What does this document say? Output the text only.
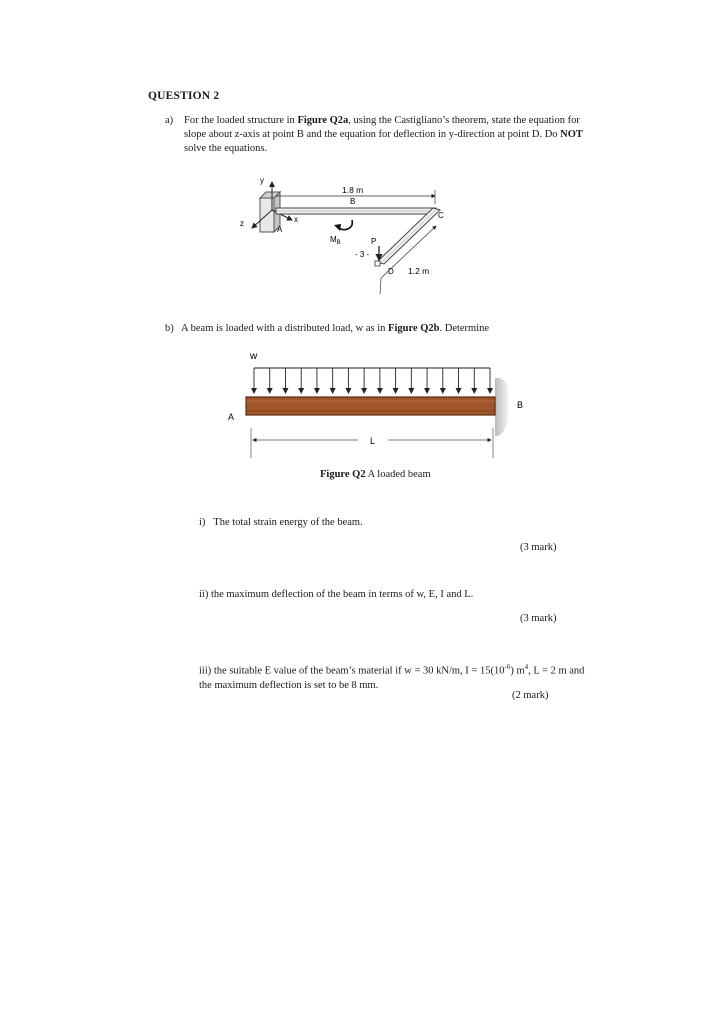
QUESTION 2
a) For the loaded structure in Figure Q2a, using the Castigliano’s theorem, state the equation for slope about z-axis at point B and the equation for deflection in y-direction at point D. Do NOT solve the equations.
y
x
z
1.8 m
B
A
C
D
$M_B$	P
- 3 -
1.2 m
b) A beam is loaded with a distributed load, w as in Figure Q2b. Determine
w
A
B
L
Figure Q2 A loaded beam
i) The total strain energy of the beam.
(3 mark)
ii) the maximum deflection of the beam in terms of w, E, I and L.
(3 mark)
iii) the suitable E value of the beam’s material if w = 30 kN/m, $I = 15(10^{-6})$ $m^4$, L = 2 m and the maximum deflection is set to be 8 mm.
(2 mark)
